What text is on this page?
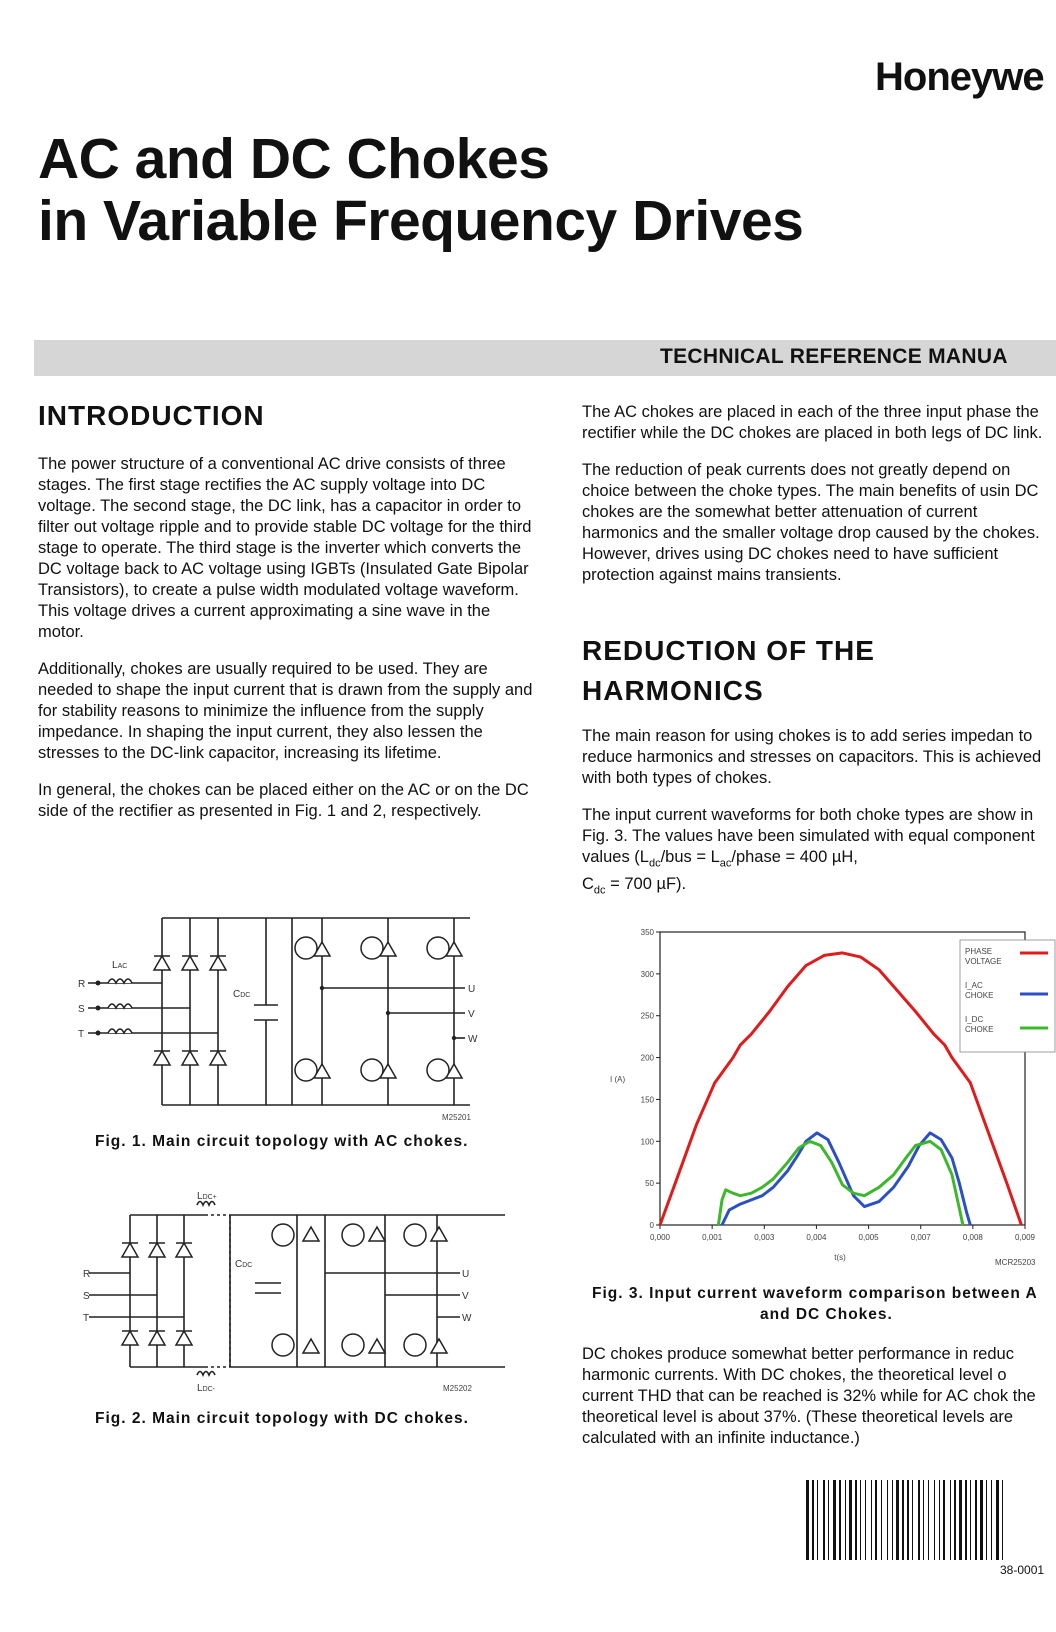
Honeywe
AC and DC Chokes
in Variable Frequency Drives
TECHNICAL REFERENCE MANUA
INTRODUCTION

The power structure of a conventional AC drive consists of three stages. The first stage rectifies the AC supply voltage into DC voltage. The second stage, the DC link, has a capacitor in order to filter out voltage ripple and to provide stable DC voltage for the third stage to operate. The third stage is the inverter which converts the DC voltage back to AC voltage using IGBTs (Insulated Gate Bipolar Transistors), to create a pulse width modulated voltage waveform. This voltage drives a current approximating a sine wave in the motor.

Additionally, chokes are usually required to be used. They are needed to shape the input current that is drawn from the supply and for stability reasons to minimize the influence from the supply impedance. In shaping the input current, they also lessen the stresses to the DC-link capacitor, increasing its lifetime.

In general, the chokes can be placed either on the AC or on the DC side of the rectifier as presented in Fig. 1 and 2, respectively.

R
S
T
LAC
CDC
U
V
W
M25201
Fig. 1. Main circuit topology with AC chokes.
R
S
T
LDC+
LDC-
CDC
U
V
W
M25202
Fig. 2. Main circuit topology with DC chokes.

The AC chokes are placed in each of the three input phase the rectifier while the DC chokes are placed in both legs of DC link.

The reduction of peak currents does not greatly depend on choice between the choke types. The main benefits of usin DC chokes are the somewhat better attenuation of current harmonics and the smaller voltage drop caused by the chokes. However, drives using DC chokes need to have sufficient protection against mains transients.

REDUCTION OF THE
HARMONICS

The main reason for using chokes is to add series impedan to reduce harmonics and stresses on capacitors. This is achieved with both types of chokes.

The input current waveforms for both choke types are show in Fig. 3. The values have been simulated with equal component values ($L_{dc}$/bus = $L_{ac}$/phase = 400 µH,
$C_{dc} = 700$ µF).

0
50
100
150
200
250
300
350
0,000	0,001	0,003	0,004	0,005	0,007	0,008	0,009
I (A)
t(s)
MCR25203
PHASE
VOLTAGE
I_AC
CHOKE
I_DC
CHOKE
Fig. 3. Input current waveform comparison between A
and DC Chokes.

DC chokes produce somewhat better performance in reduc harmonic currents. With DC chokes, the theoretical level o current THD that can be reached is 32% while for AC chok the theoretical level is about 37%. (These theoretical levels are calculated with an infinite inductance.)

38-0001
